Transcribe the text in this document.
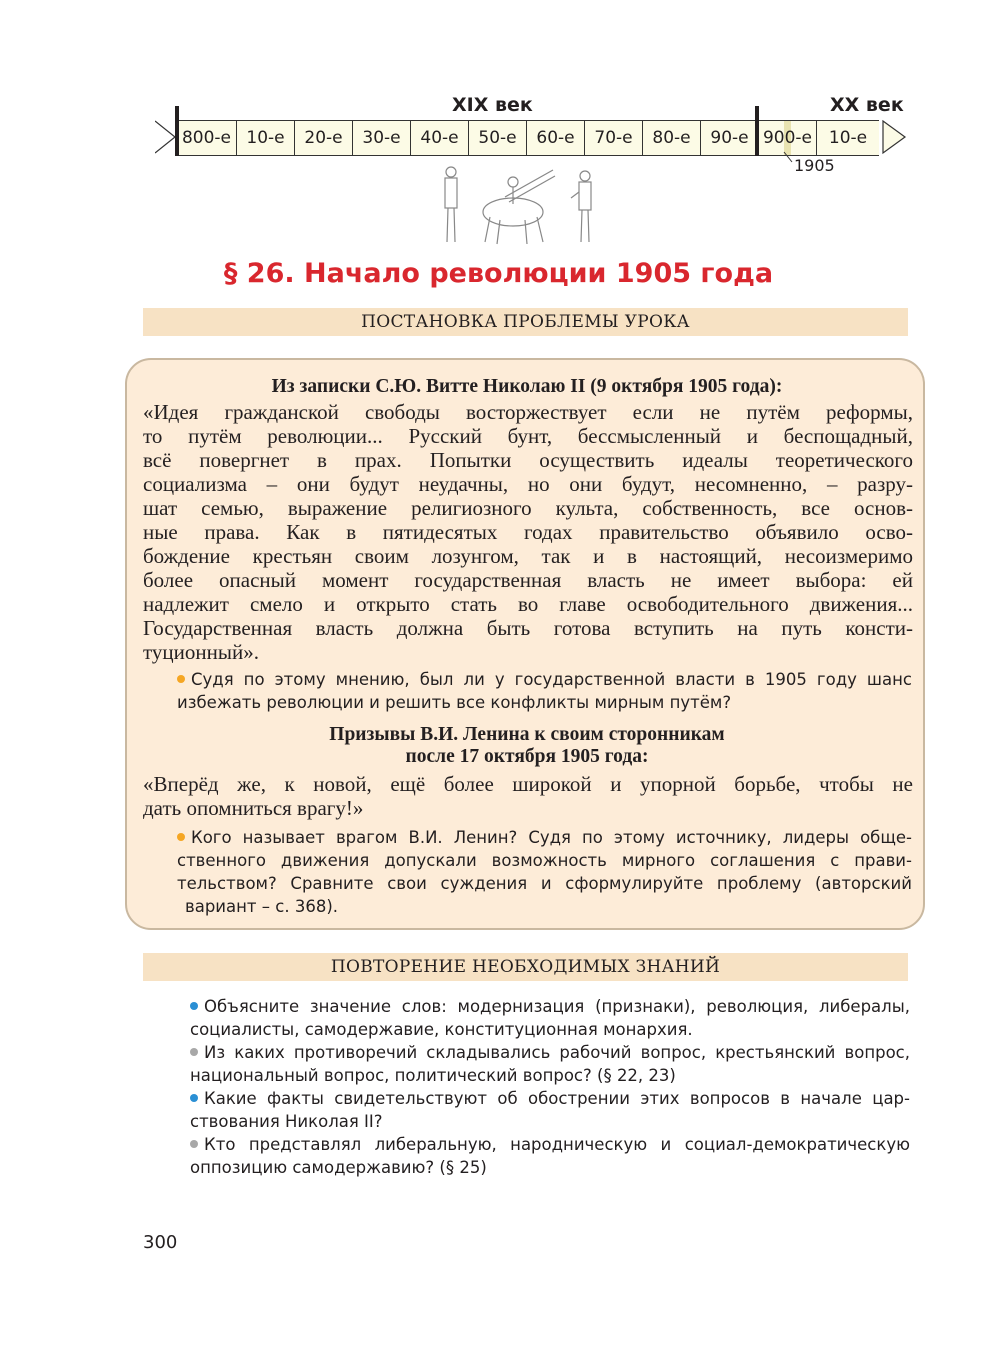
XIX век	XX век
800-е 10-е	20-е	30-е	40-е	50-е	60-е	70-е	80-е	90-е 900-е 10-е
1905
§ 26. Начало революции 1905 года
ПОСТАНОВКА ПРОБЛЕМЫ УРОКА
Из записки С.Ю. Витте Николаю II (9 октября 1905 года):
«Идея гражданской свободы восторжествует если не путём реформы,
то путём революции... Русский бунт, бессмысленный и беспощадный,
всё повергнет в прах. Попытки осуществить идеалы теоретического
социализма – они будут неудачны, но они будут, несомненно, – разру-
шат семью, выражение религиозного культа, собственность, все основ-
ные права. Как в пятидесятых годах правительство объявило осво-
бождение крестьян своим лозунгом, так и в настоящий, несоизмеримо
более опасный момент государственная власть не имеет выбора: ей
надлежит смело и открыто стать во главе освободительного движения...
Государственная власть должна быть готова вступить на путь консти-
туционный».
Судя по этому мнению, был ли у государственной власти в 1905 году шанс
избежать революции и решить все конфликты мирным путём?
Призывы В.И. Ленина к своим сторонникам
после 17 октября 1905 года:
«Вперёд же, к новой, ещё более широкой и упорной борьбе, чтобы не
дать опомниться врагу!»
Кого называет врагом В.И. Ленин? Судя по этому источнику, лидеры обще-
ственного движения допускали возможность мирного соглашения с прави-
тельством? Сравните свои суждения и сформулируйте проблему (авторский
вариант – с. 368).
ПОВТОРЕНИЕ НЕОБХОДИМЫХ ЗНАНИЙ
Объясните значение слов: модернизация (признаки), революция, либералы,
социалисты, самодержавие, конституционная монархия.
Из каких противоречий складывались рабочий вопрос, крестьянский вопрос,
национальный вопрос, политический вопрос? (§ 22, 23)
Какие факты свидетельствуют об обострении этих вопросов в начале цар-
ствования Николая II?
Кто представлял либеральную, народническую и социал-демократическую
оппозицию самодержавию? (§ 25)
300
